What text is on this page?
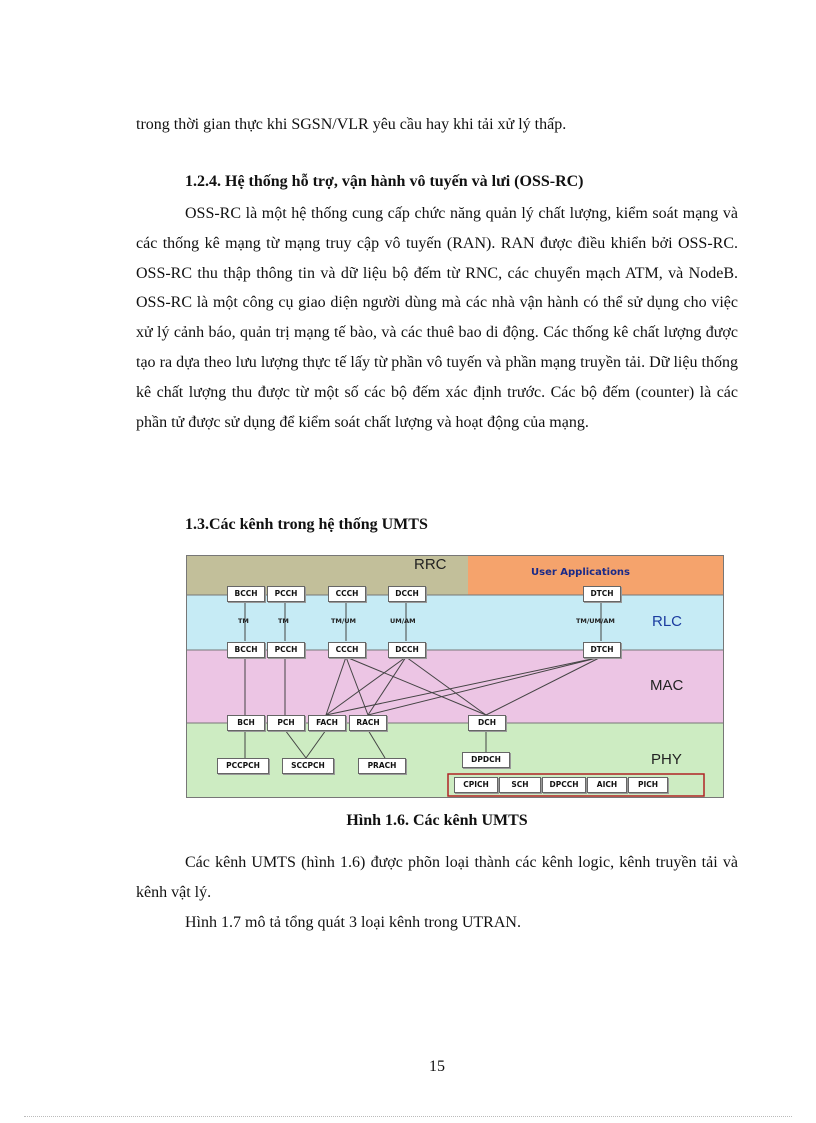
trong thời gian thực khi SGSN/VLR yêu cầu hay khi tải xử lý thấp.

1.2.4. Hệ thống hỗ trợ, vận hành vô tuyến và lưi (OSS-RC)

OSS-RC là một hệ thống cung cấp chức năng quản lý chất lượng, kiểm soát mạng và các thống kê mạng từ mạng truy cập vô tuyến (RAN). RAN được điều khiển bởi OSS-RC. OSS-RC thu thập thông tin và dữ liệu bộ đếm từ RNC, các chuyển mạch ATM, và NodeB. OSS-RC là một công cụ giao diện người dùng mà các nhà vận hành có thể sử dụng cho việc xử lý cảnh báo, quản trị mạng tế bào, và các thuê bao di động. Các thống kê chất lượng được tạo ra dựa theo lưu lượng thực tế lấy từ phần vô tuyến và phần mạng truyền tải. Dữ liệu thống kê chất lượng thu được từ một số các bộ đếm xác định trước. Các bộ đếm (counter) là các phần tử được sử dụng để kiểm soát chất lượng và hoạt động của mạng.

1.3.Các kênh trong hệ thống UMTS

RRC	User Applications
RLC
MAC
PHY
BCCH	PCCH	CCCH	DCCH	DTCH
TM	TM	TM/UM	UM/AM	TM/UM/AM
BCCH	PCCH	CCCH	DCCH	DTCH
BCH	PCH	FACH	RACH	DCH
PCCPCH	SCCPCH	PRACH
DPDCH
CPICH	SCH	DPCCH	AICH	PICH

Hình 1.6. Các kênh UMTS

Các kênh UMTS (hình 1.6) được phõn loại thành các kênh logic, kênh truyền tải và kênh vật lý.

Hình 1.7 mô tả tổng quát 3 loại kênh trong UTRAN.

15
